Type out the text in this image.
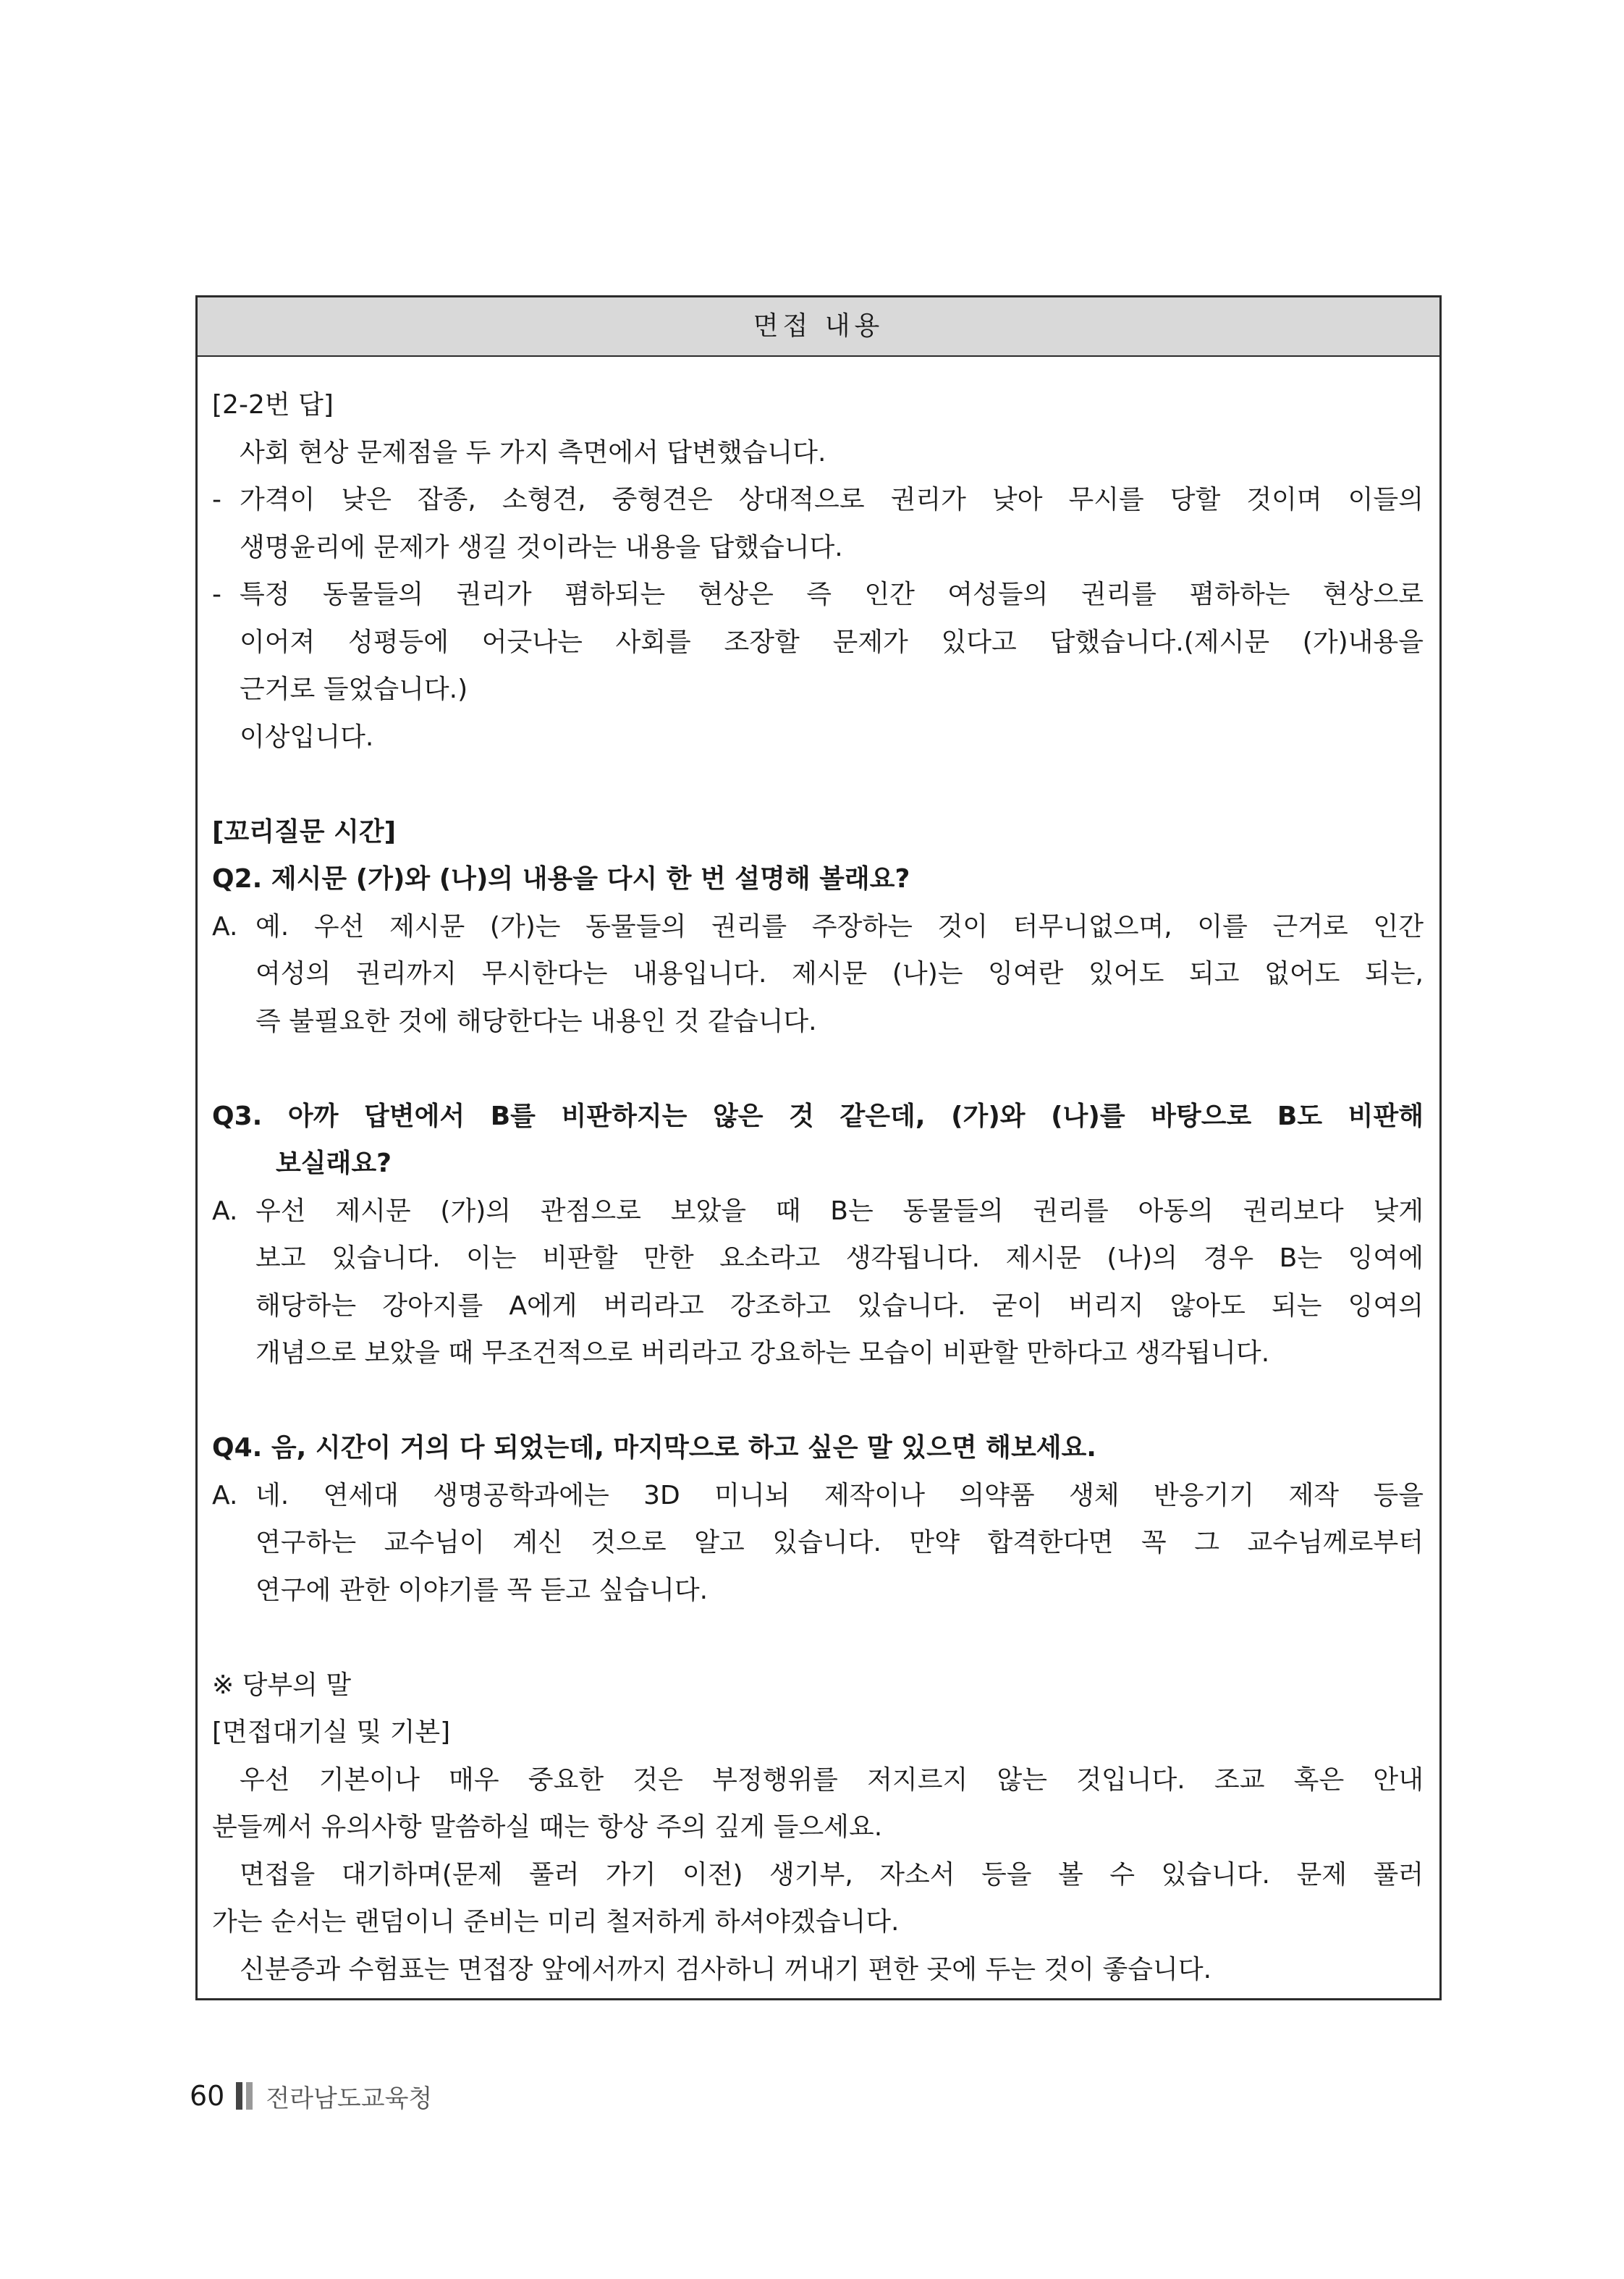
면접 내용
[2-2번 답]
사회 현상 문제점을 두 가지 측면에서 답변했습니다.
- 가격이 낮은 잡종, 소형견, 중형견은 상대적으로 권리가 낮아 무시를 당할 것이며 이들의
생명윤리에 문제가 생길 것이라는 내용을 답했습니다.
- 특정 동물들의 권리가 폄하되는 현상은 즉 인간 여성들의 권리를 폄하하는 현상으로
이어져 성평등에 어긋나는 사회를 조장할 문제가 있다고 답했습니다.(제시문 (가)내용을
근거로 들었습니다.)
이상입니다.
[꼬리질문 시간]
Q2. 제시문 (가)와 (나)의 내용을 다시 한 번 설명해 볼래요?
A. 예. 우선 제시문 (가)는 동물들의 권리를 주장하는 것이 터무니없으며, 이를 근거로 인간
여성의 권리까지 무시한다는 내용입니다. 제시문 (나)는 잉여란 있어도 되고 없어도 되는,
즉 불필요한 것에 해당한다는 내용인 것 같습니다.
Q3. 아까 답변에서 B를 비판하지는 않은 것 같은데, (가)와 (나)를 바탕으로 B도 비판해
보실래요?
A. 우선 제시문 (가)의 관점으로 보았을 때 B는 동물들의 권리를 아동의 권리보다 낮게
보고 있습니다. 이는 비판할 만한 요소라고 생각됩니다. 제시문 (나)의 경우 B는 잉여에
해당하는 강아지를 A에게 버리라고 강조하고 있습니다. 굳이 버리지 않아도 되는 잉여의
개념으로 보았을 때 무조건적으로 버리라고 강요하는 모습이 비판할 만하다고 생각됩니다.
Q4. 음, 시간이 거의 다 되었는데, 마지막으로 하고 싶은 말 있으면 해보세요.
A. 네. 연세대 생명공학과에는 3D 미니뇌 제작이나 의약품 생체 반응기기 제작 등을
연구하는 교수님이 계신 것으로 알고 있습니다. 만약 합격한다면 꼭 그 교수님께로부터
연구에 관한 이야기를 꼭 듣고 싶습니다.
※ 당부의 말
[면접대기실 및 기본]
우선 기본이나 매우 중요한 것은 부정행위를 저지르지 않는 것입니다. 조교 혹은 안내
분들께서 유의사항 말씀하실 때는 항상 주의 깊게 들으세요.
면접을 대기하며(문제 풀러 가기 이전) 생기부, 자소서 등을 볼 수 있습니다. 문제 풀러
가는 순서는 랜덤이니 준비는 미리 철저하게 하셔야겠습니다.
신분증과 수험표는 면접장 앞에서까지 검사하니 꺼내기 편한 곳에 두는 것이 좋습니다.
60 전라남도교육청
